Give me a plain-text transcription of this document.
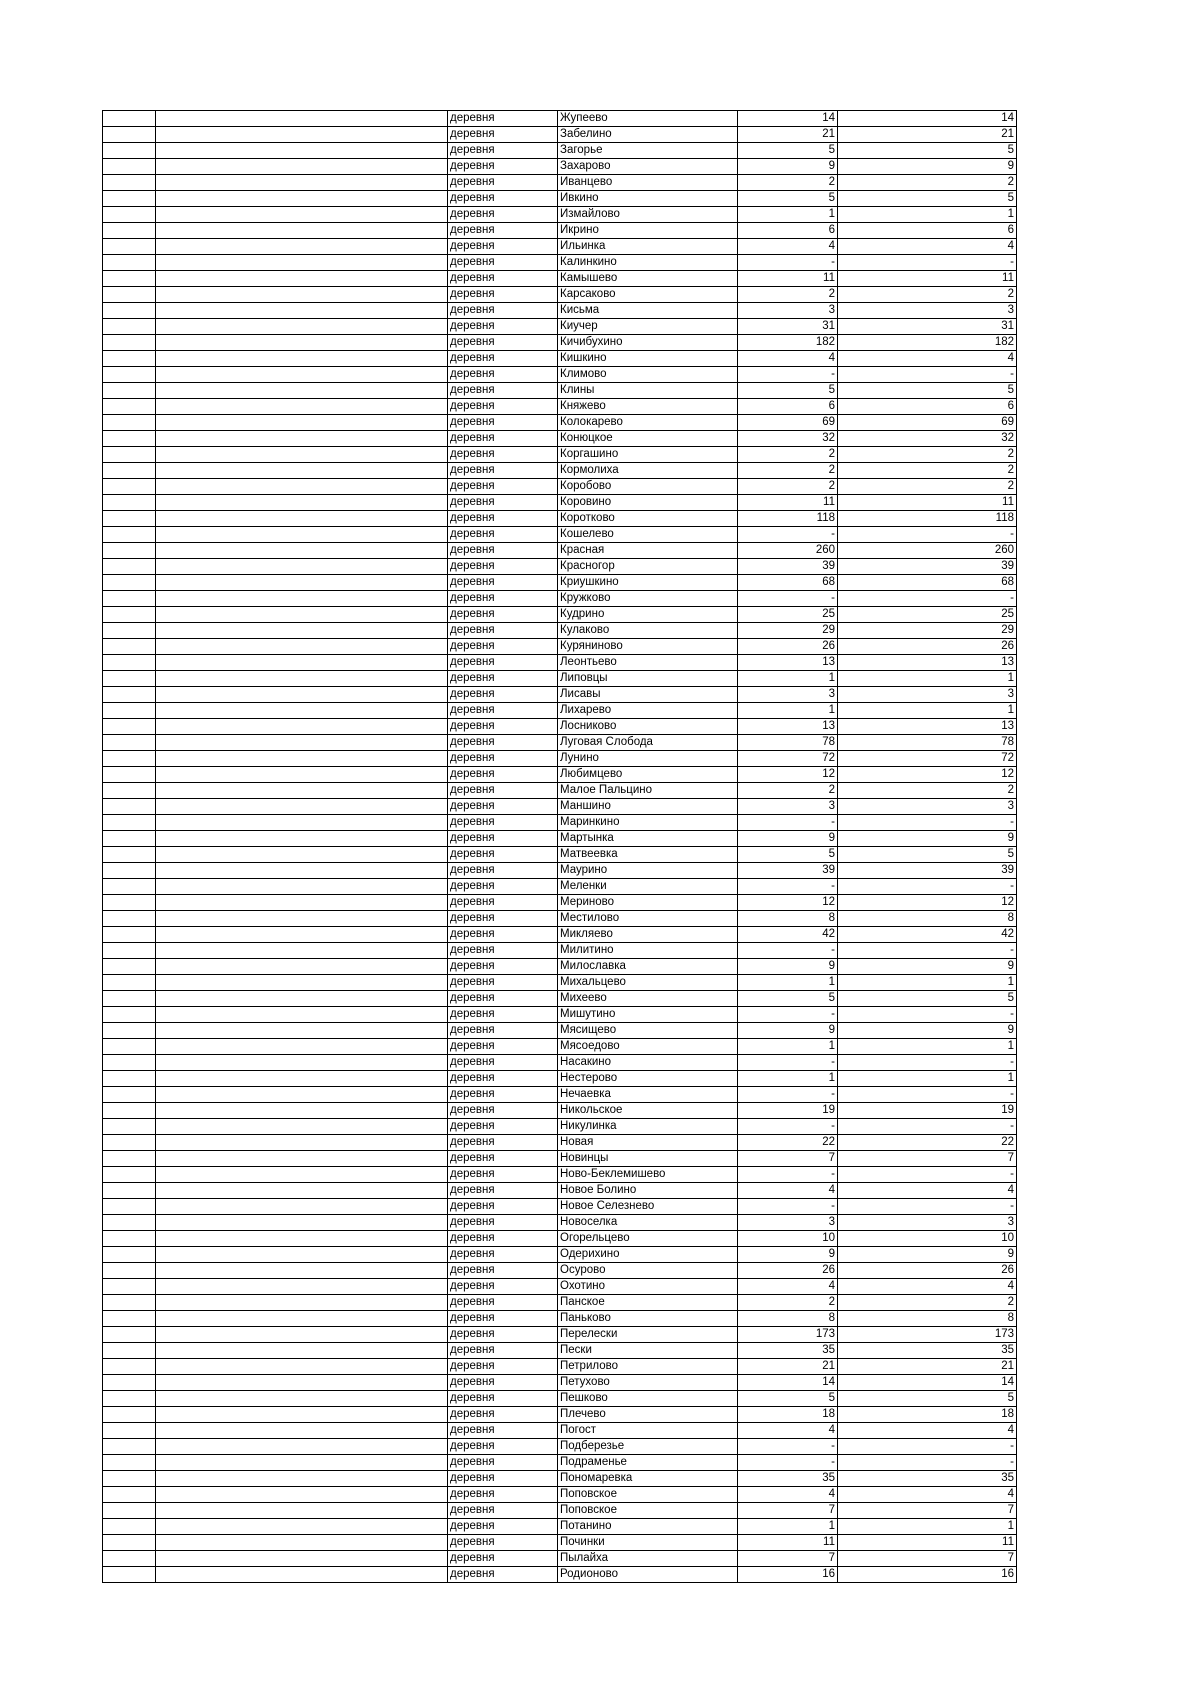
		деревня	Жупеево	14		14
		деревня	Забелино	21		21
		деревня	Загорье	5		5
		деревня	Захарово	9		9
		деревня	Иванцево	2		2
		деревня	Ивкино	5		5
		деревня	Измайлово	1		1
		деревня	Икрино	6		6
		деревня	Ильинка	4		4
		деревня	Калинкино	-		-
		деревня	Камышево	11		11
		деревня	Карсаково	2		2
		деревня	Кисьма	3		3
		деревня	Киучер	31		31
		деревня	Кичибухино	182		182
		деревня	Кишкино	4		4
		деревня	Климово	-		-
		деревня	Клины	5		5
		деревня	Княжево	6		6
		деревня	Колокарево	69		69
		деревня	Конюцкое	32		32
		деревня	Коргашино	2		2
		деревня	Кормолиха	2		2
		деревня	Коробово	2		2
		деревня	Коровино	11		11
		деревня	Коротково	118		118
		деревня	Кошелево	-		-
		деревня	Красная	260		260
		деревня	Красногор	39		39
		деревня	Криушкино	68		68
		деревня	Кружково	-		-
		деревня	Кудрино	25		25
		деревня	Кулаково	29		29
		деревня	Куряниново	26		26
		деревня	Леонтьево	13		13
		деревня	Липовцы	1		1
		деревня	Лисавы	3		3
		деревня	Лихарево	1		1
		деревня	Лосниково	13		13
		деревня	Луговая Слобода	78		78
		деревня	Лунино	72		72
		деревня	Любимцево	12		12
		деревня	Малое Пальцино	2		2
		деревня	Маншино	3		3
		деревня	Маринкино	-		-
		деревня	Мартынка	9		9
		деревня	Матвеевка	5		5
		деревня	Маурино	39		39
		деревня	Меленки	-		-
		деревня	Мериново	12		12
		деревня	Местилово	8		8
		деревня	Микляево	42		42
		деревня	Милитино	-		-
		деревня	Милославка	9		9
		деревня	Михальцево	1		1
		деревня	Михеево	5		5
		деревня	Мишутино	-		-
		деревня	Мясищево	9		9
		деревня	Мясоедово	1		1
		деревня	Насакино	-		-
		деревня	Нестерово	1		1
		деревня	Нечаевка	-		-
		деревня	Никольское	19		19
		деревня	Никулинка	-		-
		деревня	Новая	22		22
		деревня	Новинцы	7		7
		деревня	Ново-Беклемишево	-		-
		деревня	Новое Болино	4		4
		деревня	Новое Селезнево	-		-
		деревня	Новоселка	3		3
		деревня	Огорельцево	10		10
		деревня	Одерихино	9		9
		деревня	Осурово	26		26
		деревня	Охотино	4		4
		деревня	Панское	2		2
		деревня	Паньково	8		8
		деревня	Перелески	173		173
		деревня	Пески	35		35
		деревня	Петрилово	21		21
		деревня	Петухово	14		14
		деревня	Пешково	5		5
		деревня	Плечево	18		18
		деревня	Погост	4		4
		деревня	Подберезье	-		-
		деревня	Подраменье	-		-
		деревня	Пономаревка	35		35
		деревня	Поповское	4		4
		деревня	Поповское	7		7
		деревня	Потанино	1		1
		деревня	Починки	11		11
		деревня	Пылайха	7		7
		деревня	Родионово	16		16
